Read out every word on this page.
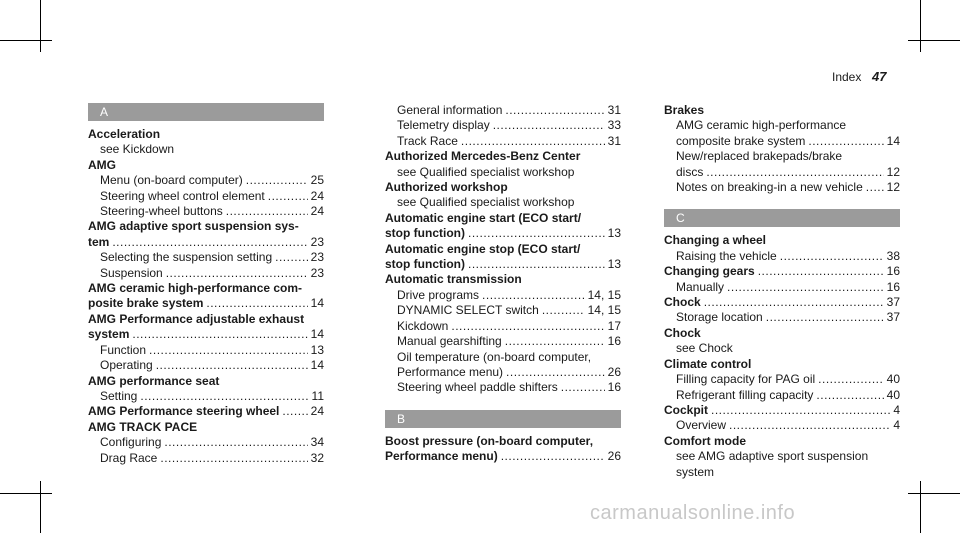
Index 47
A
Acceleration
see Kickdown
AMG
Menu (on-board computer) .....	25
Steering wheel control element .....	24
Steering-wheel buttons .....	24
AMG adaptive sport suspension sys-
tem .....	23
Selecting the suspension setting .....	23
Suspension .....	23
AMG ceramic high-performance com-
posite brake system .....	14
AMG Performance adjustable exhaust
system .....	14
Function .....	13
Operating .....	14
AMG performance seat
Setting .....	11
AMG Performance steering wheel .....	24
AMG TRACK PACE
Configuring .....	34
Drag Race .....	32
General information .....	31
Telemetry display .....	33
Track Race .....	31
Authorized Mercedes-Benz Center
see Qualified specialist workshop
Authorized workshop
see Qualified specialist workshop
Automatic engine start (ECO start/
stop function) .....	13
Automatic engine stop (ECO start/
stop function) .....	13
Automatic transmission
Drive programs .....	14, 15
DYNAMIC SELECT switch .....	14, 15
Kickdown .....	17
Manual gearshifting .....	16
Oil temperature (on-board computer,
Performance menu) .....	26
Steering wheel paddle shifters .....	16
B
Boost pressure (on-board computer,
Performance menu) .....	26
Brakes
AMG ceramic high-performance
composite brake system .....	14
New/replaced brakepads/brake
discs .....	12
Notes on breaking-in a new vehicle ..... 12
C
Changing a wheel
Raising the vehicle .....	38
Changing gears .....	16
Manually .....	16
Chock .....	37
Storage location .....	37
Chock
see Chock
Climate control
Filling capacity for PAG oil .....	40
Refrigerant filling capacity .....	40
Cockpit .....	4
Overview .....	4
Comfort mode
see AMG adaptive sport suspension system
carmanualsonline.info
